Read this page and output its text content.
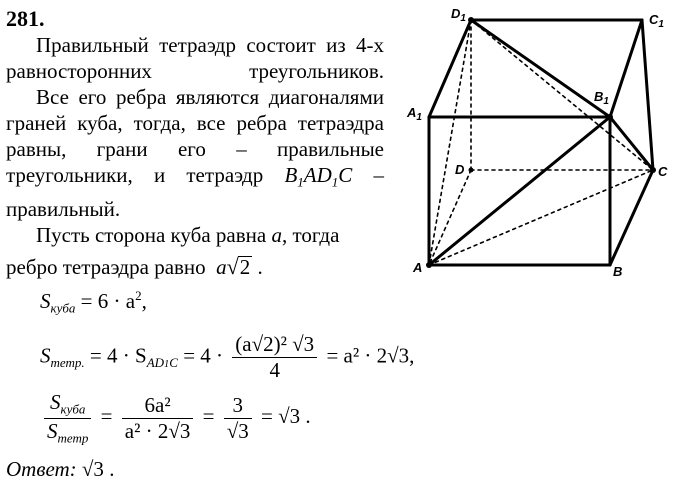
281.

Правильный тетраэдр состоит из 4-х равносторонних треугольников.

Все его ребра являются диагоналями граней куба, тогда, все ребра тетраэдра равны, грани его – правильные треугольники, и тетраэдр $B_1AD_1C$ – правильный.

Пусть сторона куба равна a, тогда

ребро тетраэдра равно a√2 .

$S_{куба} = 6 \cdot a^2$,
$S_{тетр.} = 4 \cdot S_{AD1C} = 4 \cdot \frac{\text{(a√2)² √3}}{4} = a^2 \cdot 2√3$,
$\frac{S_{куба}}{S_{тетр}} = \frac{\text{6a²}}{\text{a² · 2√3}} = \frac{3}{√3} = √3$ .
Ответ: √3 .
$D_1$	$C_1$
$A_1$
$B_1$
D	C
A	B
